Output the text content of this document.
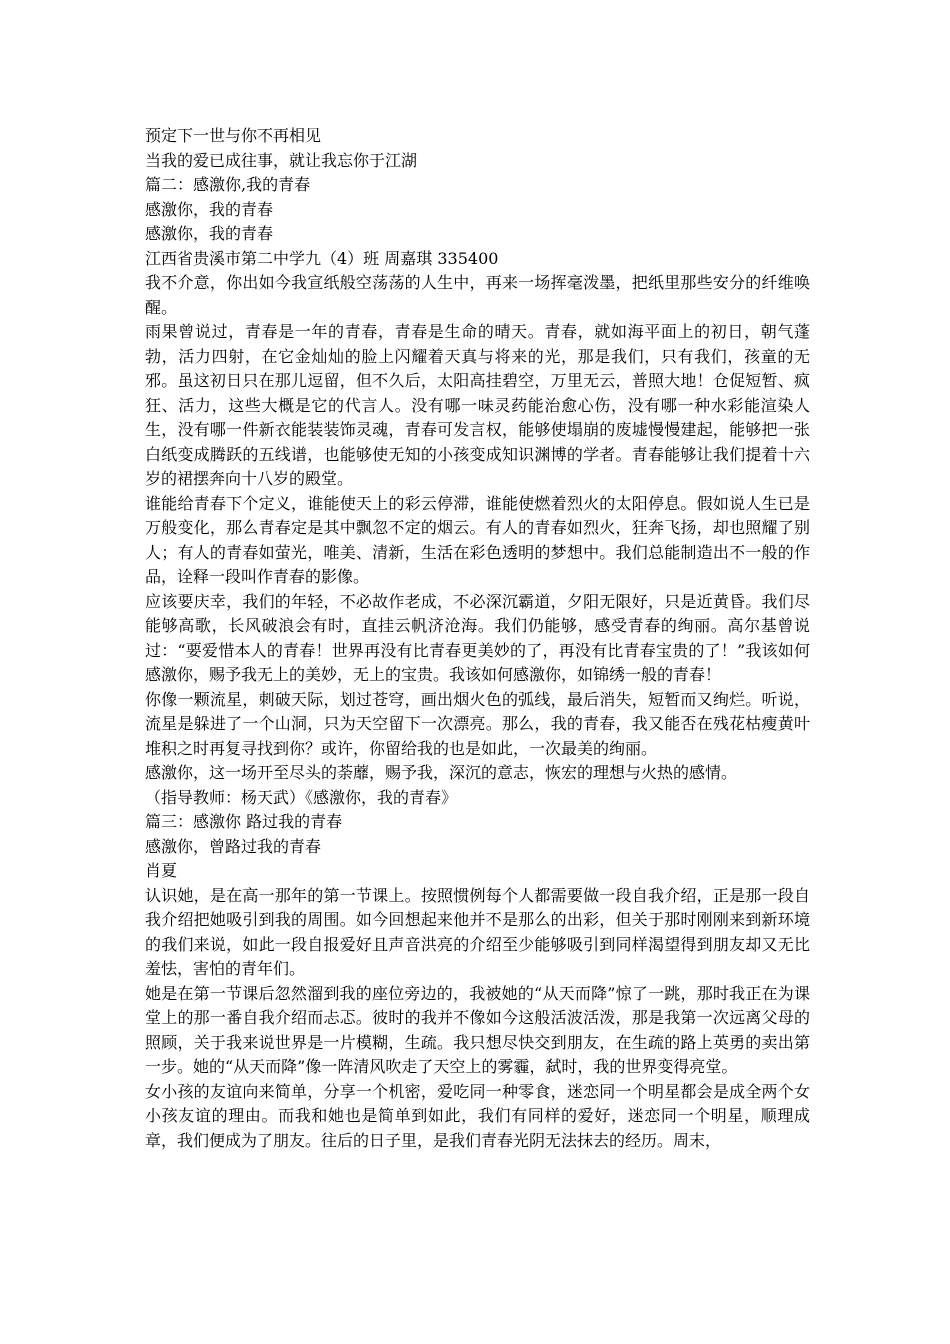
预定下一世与你不再相见
当我的爱已成往事，就让我忘你于江湖
篇二：感激你,我的青春
感激你，我的青春
感激你，我的青春
江西省贵溪市第二中学九（4）班 周嘉琪 335400
我不介意，你出如今我宣纸般空荡荡的人生中，再来一场挥毫泼墨，把纸里那些安分的纤维唤醒。
雨果曾说过，青春是一年的青春，青春是生命的晴天。青春，就如海平面上的初日，朝气蓬勃，活力四射，在它金灿灿的脸上闪耀着天真与将来的光，那是我们，只有我们，孩童的无邪。虽这初日只在那儿逗留，但不久后，太阳高挂碧空，万里无云，普照大地！仓促短暂、疯狂、活力，这些大概是它的代言人。没有哪一味灵药能治愈心伤，没有哪一种水彩能渲染人生，没有哪一件新衣能装装饰灵魂，青春可发言权，能够使塌崩的废墟慢慢建起，能够把一张白纸变成腾跃的五线谱，也能够使无知的小孩变成知识渊博的学者。青春能够让我们提着十六岁的裙摆奔向十八岁的殿堂。
谁能给青春下个定义，谁能使天上的彩云停滞，谁能使燃着烈火的太阳停息。假如说人生已是万般变化，那么青春定是其中飘忽不定的烟云。有人的青春如烈火，狂奔飞扬，却也照耀了别人；有人的青春如萤光，唯美、清新，生活在彩色透明的梦想中。我们总能制造出不一般的作品，诠释一段叫作青春的影像。
应该要庆幸，我们的年轻，不必故作老成，不必深沉霸道，夕阳无限好，只是近黄昏。我们尽能够高歌，长风破浪会有时，直挂云帆济沧海。我们仍能够，感受青春的绚丽。高尔基曾说过：“要爱惜本人的青春！世界再没有比青春更美妙的了，再没有比青春宝贵的了！”我该如何感激你，赐予我无上的美妙，无上的宝贵。我该如何感激你，如锦绣一般的青春！
你像一颗流星，刺破天际，划过苍穹，画出烟火色的弧线，最后消失，短暂而又绚烂。听说，流星是躲进了一个山洞，只为天空留下一次漂亮。那么，我的青春，我又能否在残花枯瘦黄叶堆积之时再复寻找到你？或许，你留给我的也是如此，一次最美的绚丽。
感激你，这一场开至尽头的荼蘼，赐予我，深沉的意志，恢宏的理想与火热的感情。
（指导教师：杨天武）《感激你，我的青春》
篇三：感激你 路过我的青春
感激你，曾路过我的青春
肖夏
认识她，是在高一那年的第一节课上。按照惯例每个人都需要做一段自我介绍，正是那一段自我介绍把她吸引到我的周围。如今回想起来他并不是那么的出彩，但关于那时刚刚来到新环境的我们来说，如此一段自报爱好且声音洪亮的介绍至少能够吸引到同样渴望得到朋友却又无比羞怯，害怕的青年们。
她是在第一节课后忽然溜到我的座位旁边的，我被她的“从天而降”惊了一跳，那时我正在为课堂上的那一番自我介绍而忐忑。彼时的我并不像如今这般活波活泼，那是我第一次远离父母的照顾，关于我来说世界是一片模糊，生疏。我只想尽快交到朋友，在生疏的路上英勇的卖出第一步。她的“从天而降”像一阵清风吹走了天空上的雾霾，弑时，我的世界变得亮堂。
女小孩的友谊向来简单，分享一个机密，爱吃同一种零食，迷恋同一个明星都会是成全两个女小孩友谊的理由。而我和她也是简单到如此，我们有同样的爱好，迷恋同一个明星，顺理成章，我们便成为了朋友。往后的日子里，是我们青春光阴无法抹去的经历。周末，
